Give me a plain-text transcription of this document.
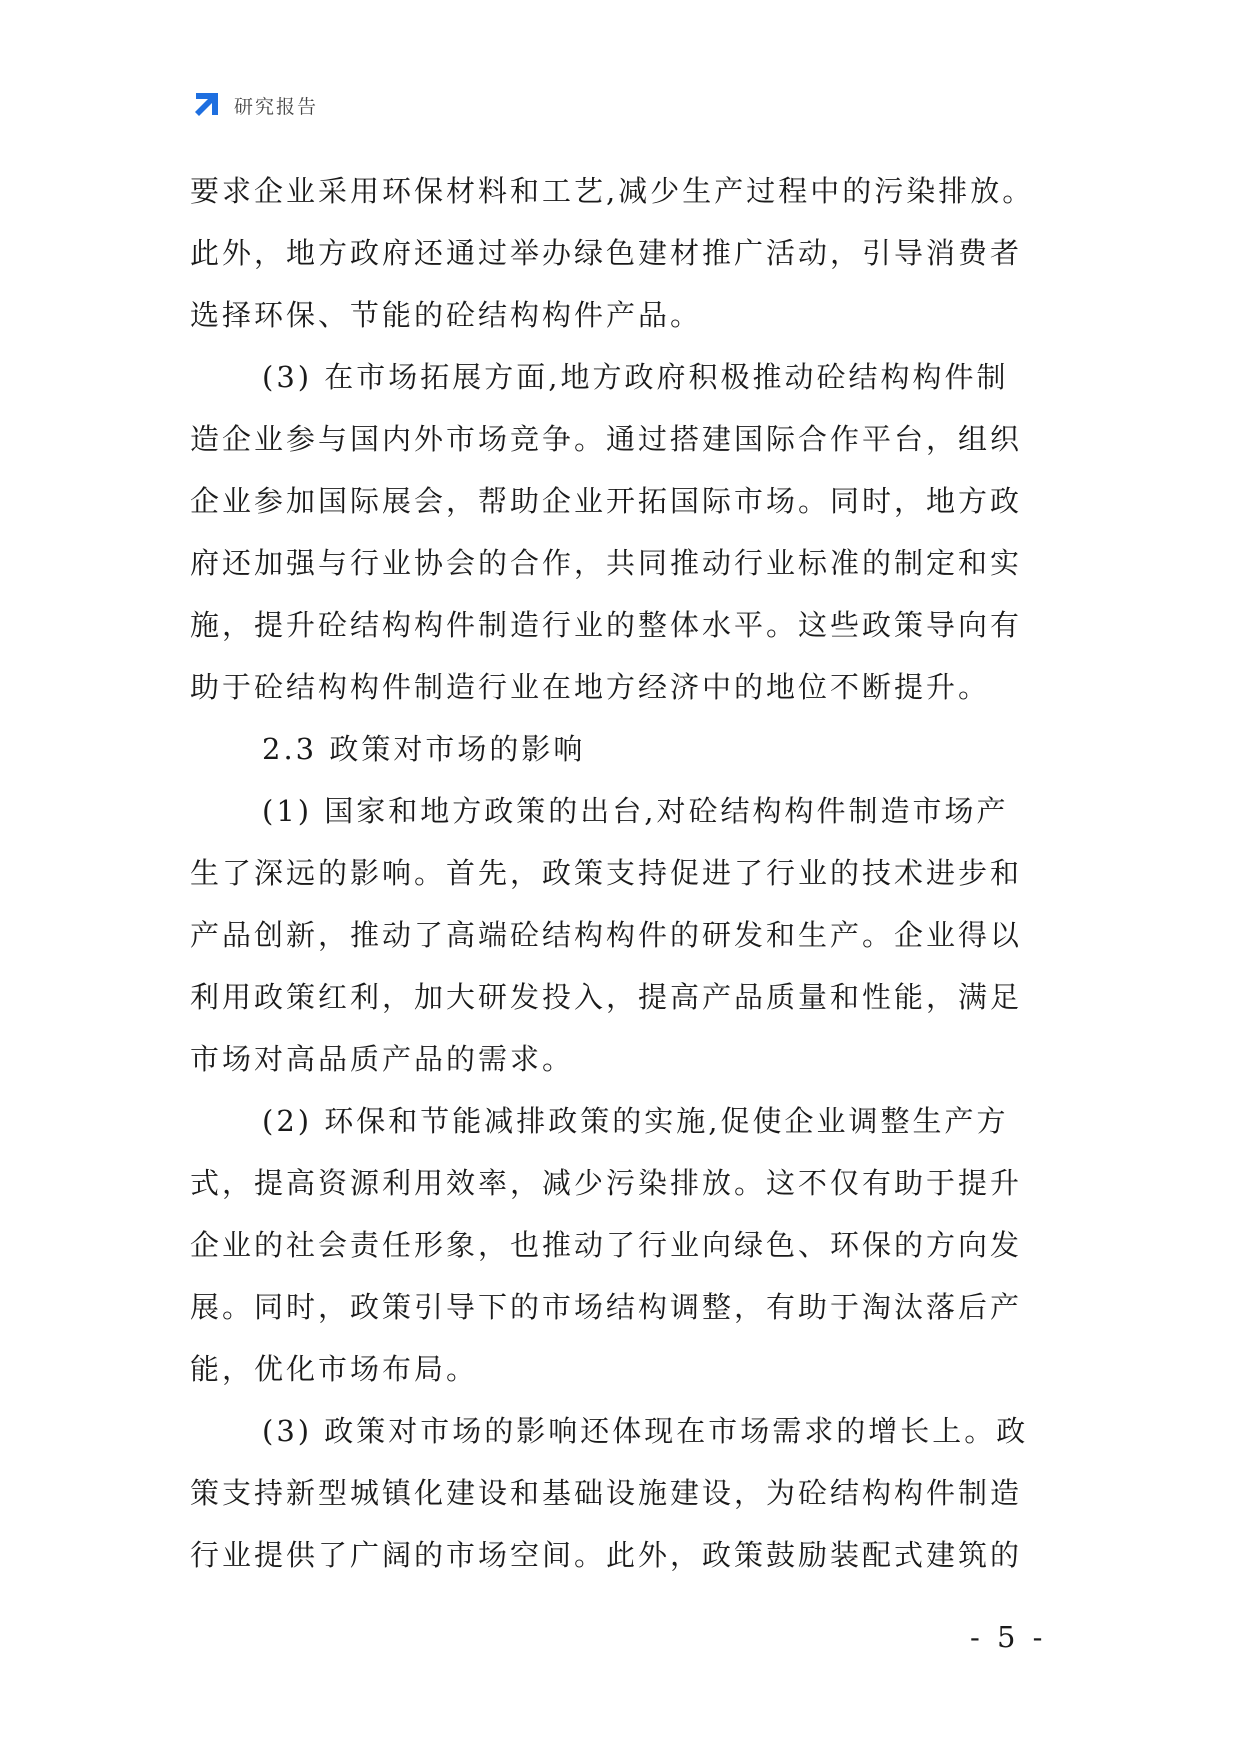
研究报告
要求企业采用环保材料和工艺,减少生产过程中的污染排放。
此外，地方政府还通过举办绿色建材推广活动，引导消费者
选择环保、节能的砼结构构件产品。
(3) 在市场拓展方面,地方政府积极推动砼结构构件制
造企业参与国内外市场竞争。通过搭建国际合作平台，组织
企业参加国际展会，帮助企业开拓国际市场。同时，地方政
府还加强与行业协会的合作，共同推动行业标准的制定和实
施，提升砼结构构件制造行业的整体水平。这些政策导向有
助于砼结构构件制造行业在地方经济中的地位不断提升。
2.3 政策对市场的影响
(1) 国家和地方政策的出台,对砼结构构件制造市场产
生了深远的影响。首先，政策支持促进了行业的技术进步和
产品创新，推动了高端砼结构构件的研发和生产。企业得以
利用政策红利，加大研发投入，提高产品质量和性能，满足
市场对高品质产品的需求。
(2) 环保和节能减排政策的实施,促使企业调整生产方
式，提高资源利用效率，减少污染排放。这不仅有助于提升
企业的社会责任形象，也推动了行业向绿色、环保的方向发
展。同时，政策引导下的市场结构调整，有助于淘汰落后产
能，优化市场布局。
(3) 政策对市场的影响还体现在市场需求的增长上。政
策支持新型城镇化建设和基础设施建设，为砼结构构件制造
行业提供了广阔的市场空间。此外，政策鼓励装配式建筑的
- 5 -
